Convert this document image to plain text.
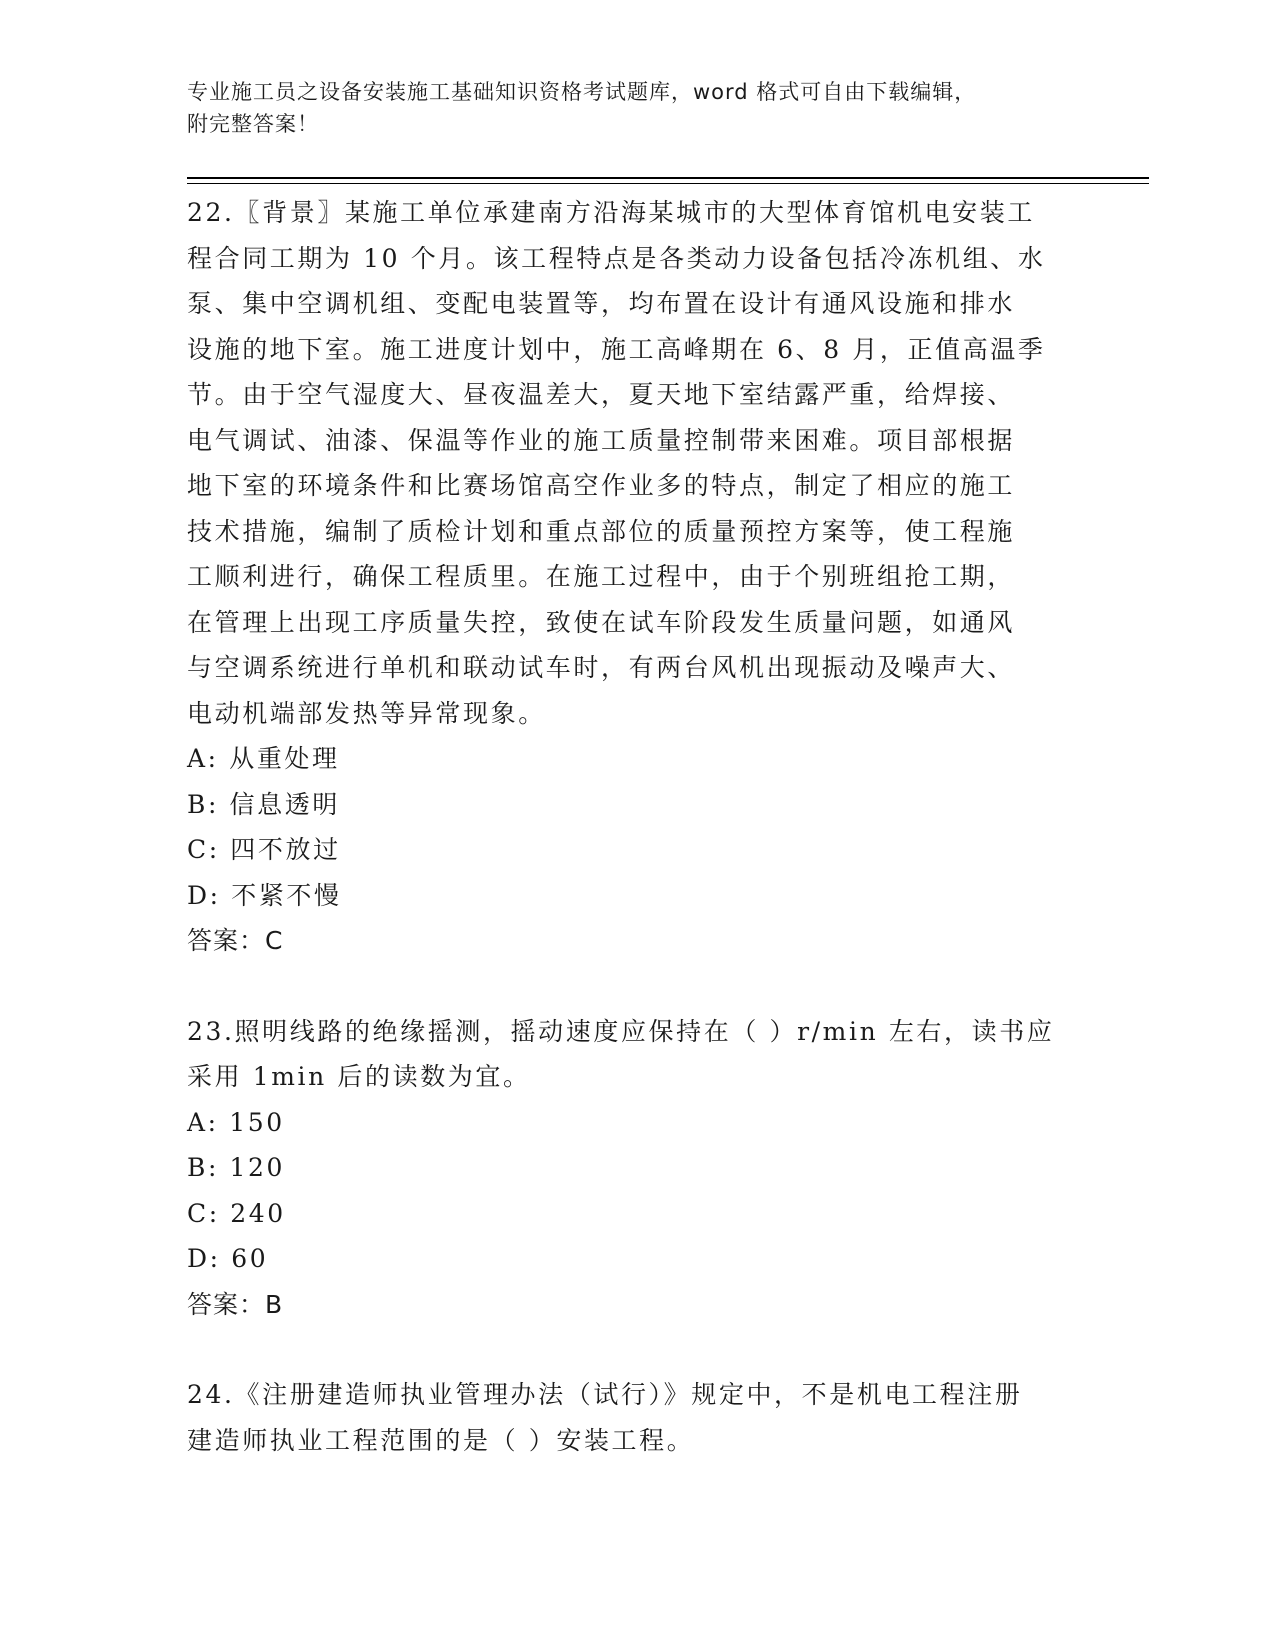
专业施工员之设备安装施工基础知识资格考试题库，word 格式可自由下载编辑，
附完整答案！
22.〖背景〗某施工单位承建南方沿海某城市的大型体育馆机电安装工
程合同工期为 10 个月。该工程特点是各类动力设备包括冷冻机组、水
泵、集中空调机组、变配电装置等，均布置在设计有通风设施和排水
设施的地下室。施工进度计划中，施工高峰期在 6、8 月，正值高温季
节。由于空气湿度大、昼夜温差大，夏天地下室结露严重，给焊接、
电气调试、油漆、保温等作业的施工质量控制带来困难。项目部根据
地下室的环境条件和比赛场馆高空作业多的特点，制定了相应的施工
技术措施，编制了质检计划和重点部位的质量预控方案等，使工程施
工顺利进行，确保工程质里。在施工过程中，由于个别班组抢工期，
在管理上出现工序质量失控，致使在试车阶段发生质量问题，如通风
与空调系统进行单机和联动试车时，有两台风机出现振动及噪声大、
电动机端部发热等异常现象。
A: 从重处理
B: 信息透明
C: 四不放过
D: 不紧不慢
答案：C
23.照明线路的绝缘摇测，摇动速度应保持在（ ）r/min 左右，读书应
采用 1min 后的读数为宜。
A: 150
B: 120
C: 240
D: 60
答案：B
24.《注册建造师执业管理办法（试行）》规定中，不是机电工程注册
建造师执业工程范围的是（ ）安装工程。
